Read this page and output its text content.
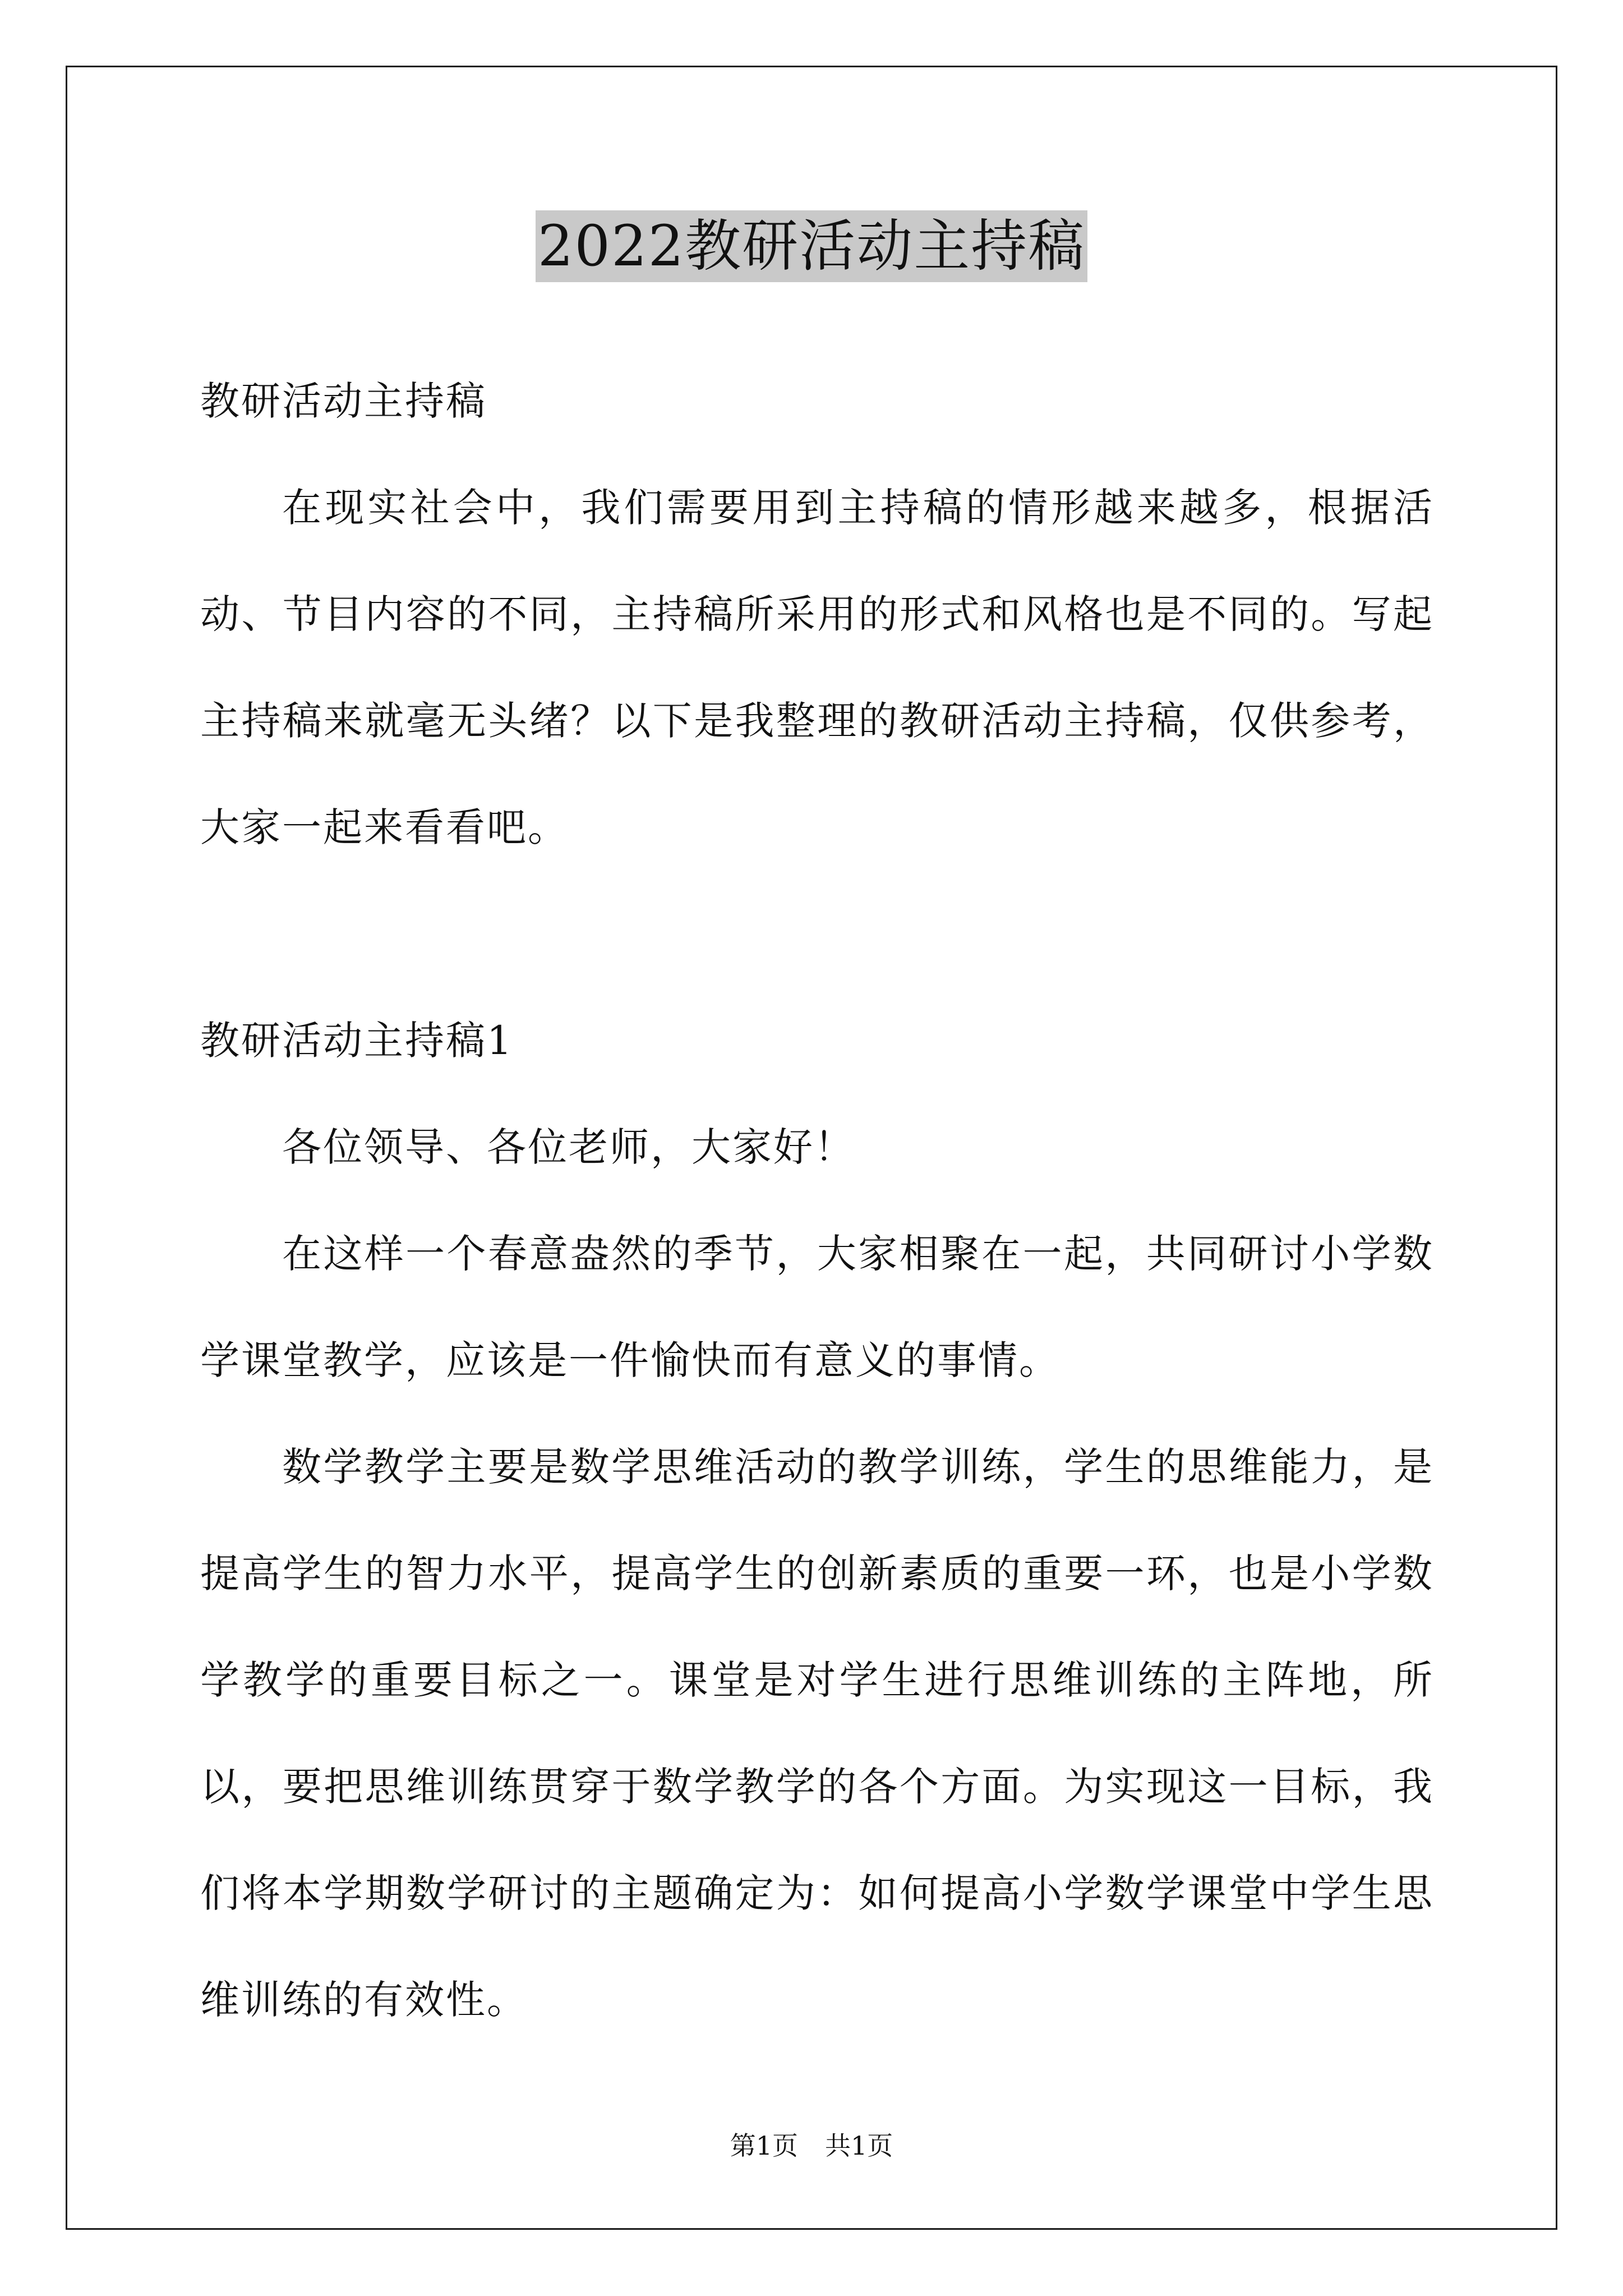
2022教研活动主持稿

教研活动主持稿

在现实社会中，我们需要用到主持稿的情形越来越多，根据活动、节目内容的不同，主持稿所采用的形式和风格也是不同的。写起主持稿来就毫无头绪？以下是我整理的教研活动主持稿，仅供参考，大家一起来看看吧。

教研活动主持稿1

各位领导、各位老师，大家好！

在这样一个春意盎然的季节，大家相聚在一起，共同研讨小学数学课堂教学，应该是一件愉快而有意义的事情。

数学教学主要是数学思维活动的教学训练，学生的思维能力，是提高学生的智力水平，提高学生的创新素质的重要一环，也是小学数学教学的重要目标之一。课堂是对学生进行思维训练的主阵地，所以，要把思维训练贯穿于数学教学的各个方面。为实现这一目标，我们将本学期数学研讨的主题确定为：如何提高小学数学课堂中学生思维训练的有效性。

第1页 共1页
